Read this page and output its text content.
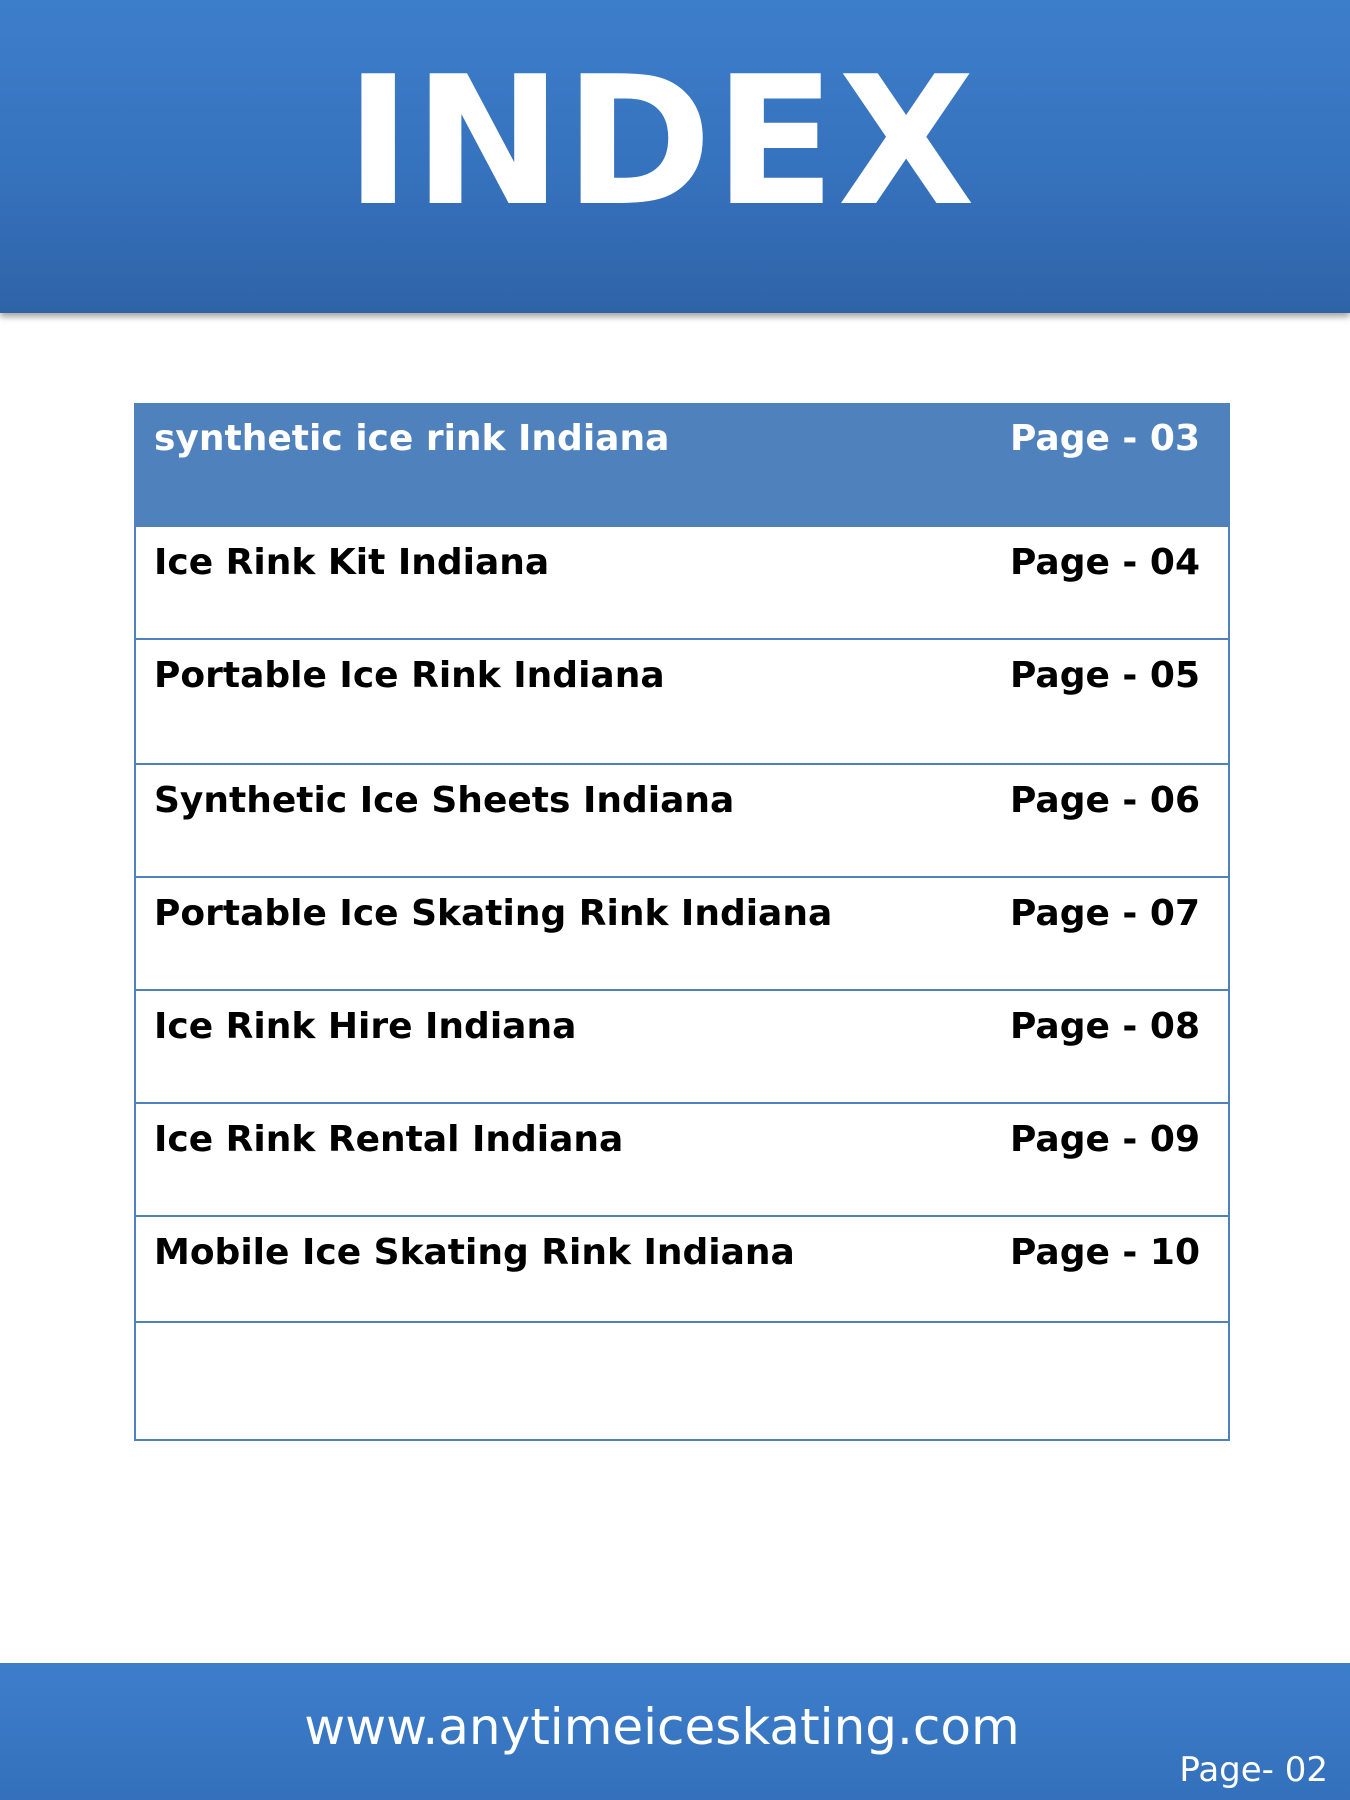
INDEX
synthetic ice rink Indiana	Page - 03
Ice Rink Kit Indiana	Page - 04
Portable Ice Rink Indiana	Page - 05
Synthetic Ice Sheets Indiana	Page - 06
Portable Ice Skating Rink Indiana	Page - 07
Ice Rink Hire Indiana	Page - 08
Ice Rink Rental Indiana	Page - 09
Mobile Ice Skating Rink Indiana	Page - 10
www.anytimeiceskating.com
Page- 02
